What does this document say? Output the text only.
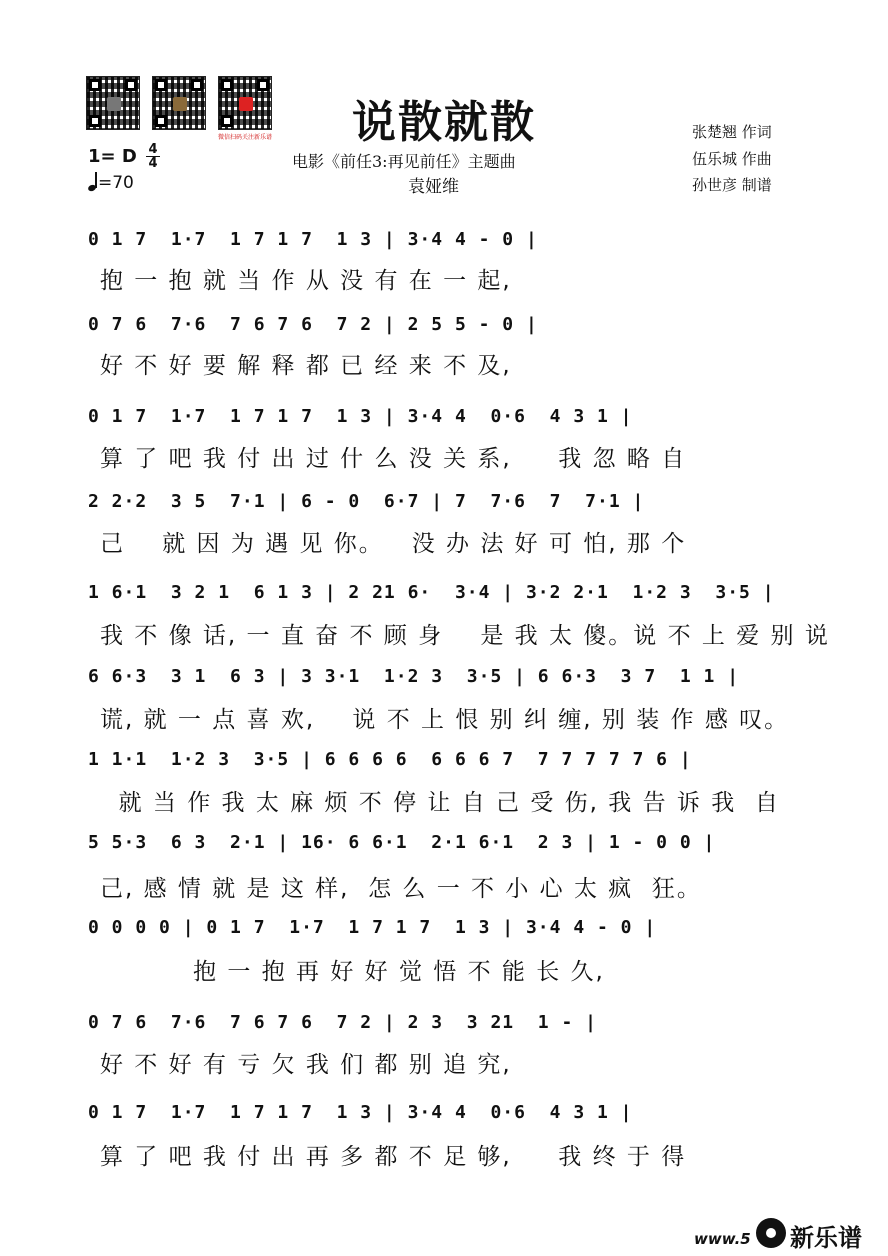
微信扫码关注新乐谱	说散就散
电影《前任3:再见前任》主题曲
袁娅维
张楚翘 作词
伍乐城 作曲
孙世彦 制谱
1= D 4
4
=70
0 1 7  1·7  1 7 1 7  1 3 | 3·4 4 - 0 |
抱 一 抱 就 当 作 从 没 有 在 一 起,
0 7 6  7·6  7 6 7 6  7 2 | 2 5 5 - 0 |
好 不 好 要 解 释 都 已 经 来 不 及,
0 1 7  1·7  1 7 1 7  1 3 | 3·4 4  0·6  4 3 1 |
算 了 吧 我 付 出 过 什 么 没 关 系,     我 忽 略 自
2 2·2  3 5  7·1 | 6 - 0  6·7 | 7  7·6  7  7·1 |
己    就 因 为 遇 见 你。   没 办 法 好 可 怕, 那 个
1 6·1  3 2 1  6 1 3 | 2 21 6·  3·4 | 3·2 2·1  1·2 3  3·5 |
我 不 像 话, 一 直 奋 不 顾 身    是 我 太 傻。说 不 上 爱 别 说
6 6·3  3 1  6 3 | 3 3·1  1·2 3  3·5 | 6 6·3  3 7  1 1 |
谎, 就 一 点 喜 欢,    说 不 上 恨 别 纠 缠, 别 装 作 感 叹。
1 1·1  1·2 3  3·5 | 6 6 6 6  6 6 6 7  7 7 7 7 7 6 |
就 当 作 我 太 麻 烦 不 停 让 自 己 受 伤, 我 告 诉 我  自
5 5·3  6 3  2·1 | 16· 6 6·1  2·1 6·1  2 3 | 1 - 0 0 |
己, 感 情 就 是 这 样,  怎 么 一 不 小 心 太 疯  狂。
0 0 0 0 | 0 1 7  1·7  1 7 1 7  1 3 | 3·4 4 - 0 |
抱 一 抱 再 好 好 觉 悟 不 能 长 久,
0 7 6  7·6  7 6 7 6  7 2 | 2 3  3 21  1 - |
好 不 好 有 亏 欠 我 们 都 别 追 究,
0 1 7  1·7  1 7 1 7  1 3 | 3·4 4  0·6  4 3 1 |
算 了 吧 我 付 出 再 多 都 不 足 够,     我 终 于 得
www.5 新乐谱
